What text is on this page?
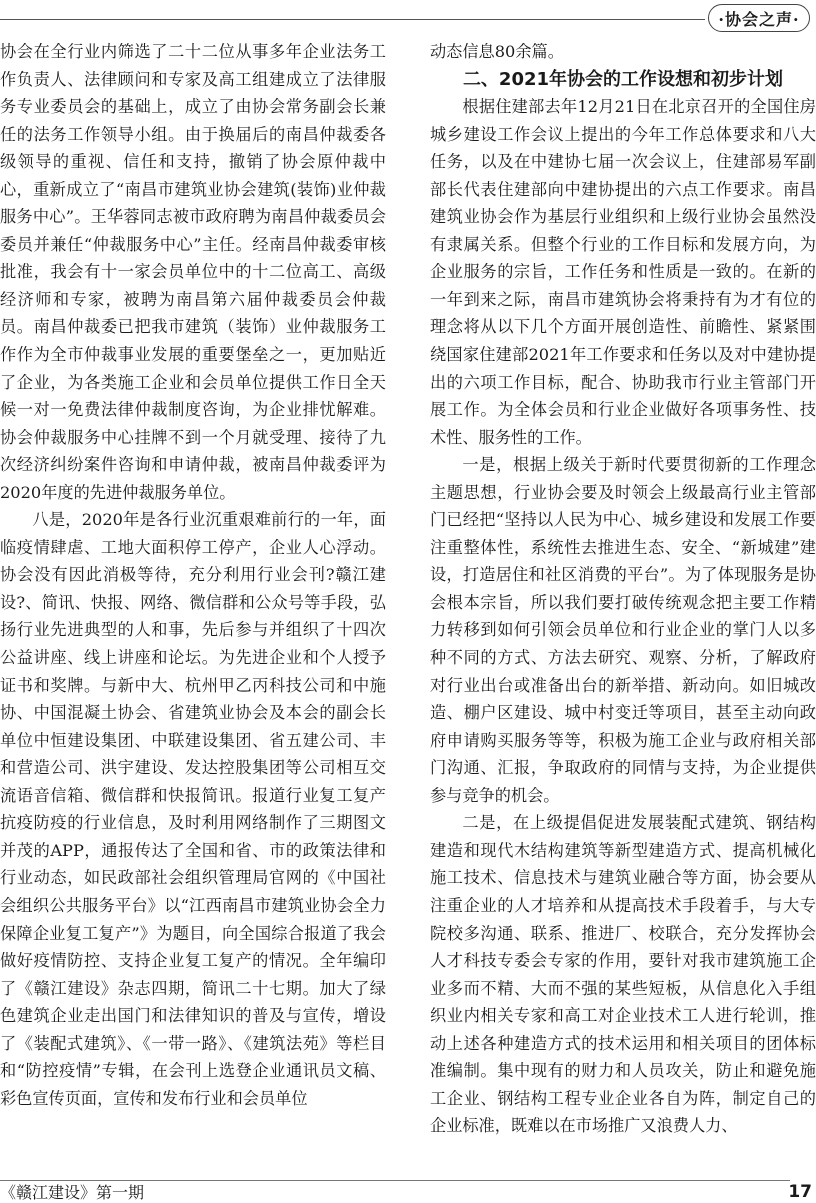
·协会之声·

协会在全行业内筛选了二十二位从事多年企业法务工作负责人、法律顾问和专家及高工组建成立了法律服务专业委员会的基础上，成立了由协会常务副会长兼任的法务工作领导小组。由于换届后的南昌仲裁委各级领导的重视、信任和支持，撤销了协会原仲裁中心，重新成立了“南昌市建筑业协会建筑(装饰)业仲裁服务中心”。王华蓉同志被市政府聘为南昌仲裁委员会委员并兼任“仲裁服务中心”主任。经南昌仲裁委审核批准，我会有十一家会员单位中的十二位高工、高级经济师和专家，被聘为南昌第六届仲裁委员会仲裁员。南昌仲裁委已把我市建筑（装饰）业仲裁服务工作作为全市仲裁事业发展的重要堡垒之一，更加贴近了企业，为各类施工企业和会员单位提供工作日全天候一对一免费法律仲裁制度咨询，为企业排忧解难。协会仲裁服务中心挂牌不到一个月就受理、接待了九次经济纠纷案件咨询和申请仲裁，被南昌仲裁委评为2020年度的先进仲裁服务单位。

八是，2020年是各行业沉重艰难前行的一年，面临疫情肆虐、工地大面积停工停产，企业人心浮动。协会没有因此消极等待，充分利用行业会刊?赣江建设?、简讯、快报、网络、微信群和公众号等手段，弘扬行业先进典型的人和事，先后参与并组织了十四次公益讲座、线上讲座和论坛。为先进企业和个人授予证书和奖牌。与新中大、杭州甲乙丙科技公司和中施协、中国混凝土协会、省建筑业协会及本会的副会长单位中恒建设集团、中联建设集团、省五建公司、丰和营造公司、洪宇建设、发达控股集团等公司相互交流语音信箱、微信群和快报简讯。报道行业复工复产抗疫防疫的行业信息，及时利用网络制作了三期图文并茂的APP，通报传达了全国和省、市的政策法律和行业动态，如民政部社会组织管理局官网的《中国社会组织公共服务平台》以“江西南昌市建筑业协会全力保障企业复工复产”》为题目，向全国综合报道了我会做好疫情防控、支持企业复工复产的情况。全年编印了《赣江建设》杂志四期，简讯二十七期。加大了绿色建筑企业走出国门和法律知识的普及与宣传，增设了《装配式建筑》、《一带一路》、《建筑法苑》等栏目和“防控疫情”专辑，在会刊上选登企业通讯员文稿、彩色宣传页面，宣传和发布行业和会员单位

动态信息80余篇。

二、2021年协会的工作设想和初步计划

根据住建部去年12月21日在北京召开的全国住房城乡建设工作会议上提出的今年工作总体要求和八大任务，以及在中建协七届一次会议上，住建部易军副部长代表住建部向中建协提出的六点工作要求。南昌建筑业协会作为基层行业组织和上级行业协会虽然没有隶属关系。但整个行业的工作目标和发展方向，为企业服务的宗旨，工作任务和性质是一致的。在新的一年到来之际，南昌市建筑协会将秉持有为才有位的理念将从以下几个方面开展创造性、前瞻性、紧紧围绕国家住建部2021年工作要求和任务以及对中建协提出的六项工作目标，配合、协助我市行业主管部门开展工作。为全体会员和行业企业做好各项事务性、技术性、服务性的工作。

一是，根据上级关于新时代要贯彻新的工作理念主题思想，行业协会要及时领会上级最高行业主管部门已经把“坚持以人民为中心、城乡建设和发展工作要注重整体性，系统性去推进生态、安全、“新城建”建设，打造居住和社区消费的平台”。为了体现服务是协会根本宗旨，所以我们要打破传统观念把主要工作精力转移到如何引领会员单位和行业企业的掌门人以多种不同的方式、方法去研究、观察、分析，了解政府对行业出台或准备出台的新举措、新动向。如旧城改造、棚户区建设、城中村变迁等项目，甚至主动向政府申请购买服务等等，积极为施工企业与政府相关部门沟通、汇报，争取政府的同情与支持，为企业提供参与竞争的机会。

二是，在上级提倡促进发展装配式建筑、钢结构建造和现代木结构建筑等新型建造方式、提高机械化施工技术、信息技术与建筑业融合等方面，协会要从注重企业的人才培养和从提高技术手段着手，与大专院校多沟通、联系、推进厂、校联合，充分发挥协会人才科技专委会专家的作用，要针对我市建筑施工企业多而不精、大而不强的某些短板，从信息化入手组织业内相关专家和高工对企业技术工人进行轮训，推动上述各种建造方式的技术运用和相关项目的团体标准编制。集中现有的财力和人员攻关，防止和避免施工企业、钢结构工程专业企业各自为阵，制定自己的企业标准，既难以在市场推广又浪费人力、

《赣江建设》第一期	17
